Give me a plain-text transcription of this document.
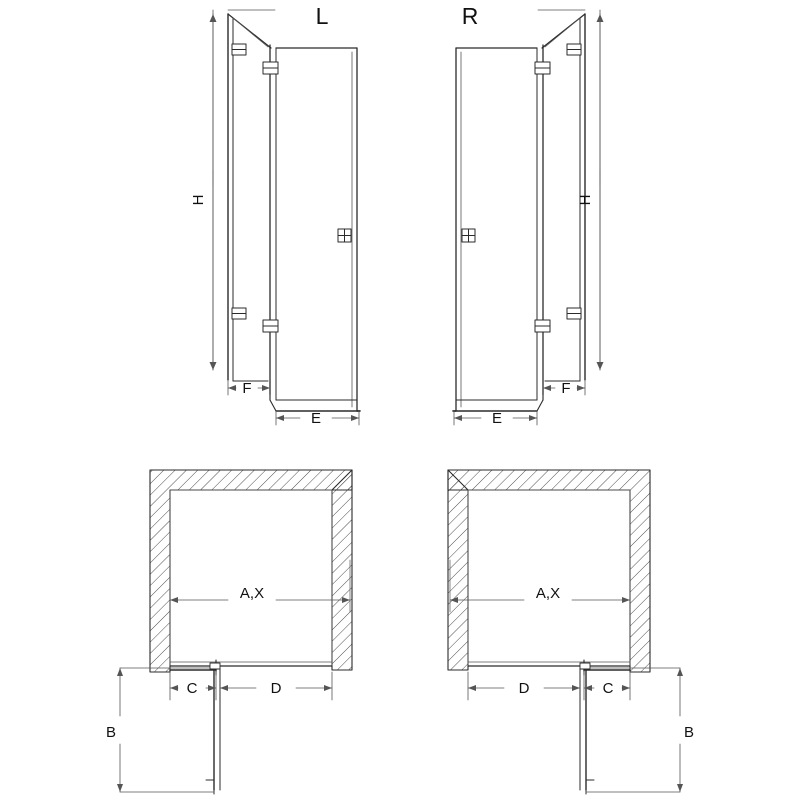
L	R
H	H
F
E
F
E
A,X
C	D
B
A,X
D	C
B
